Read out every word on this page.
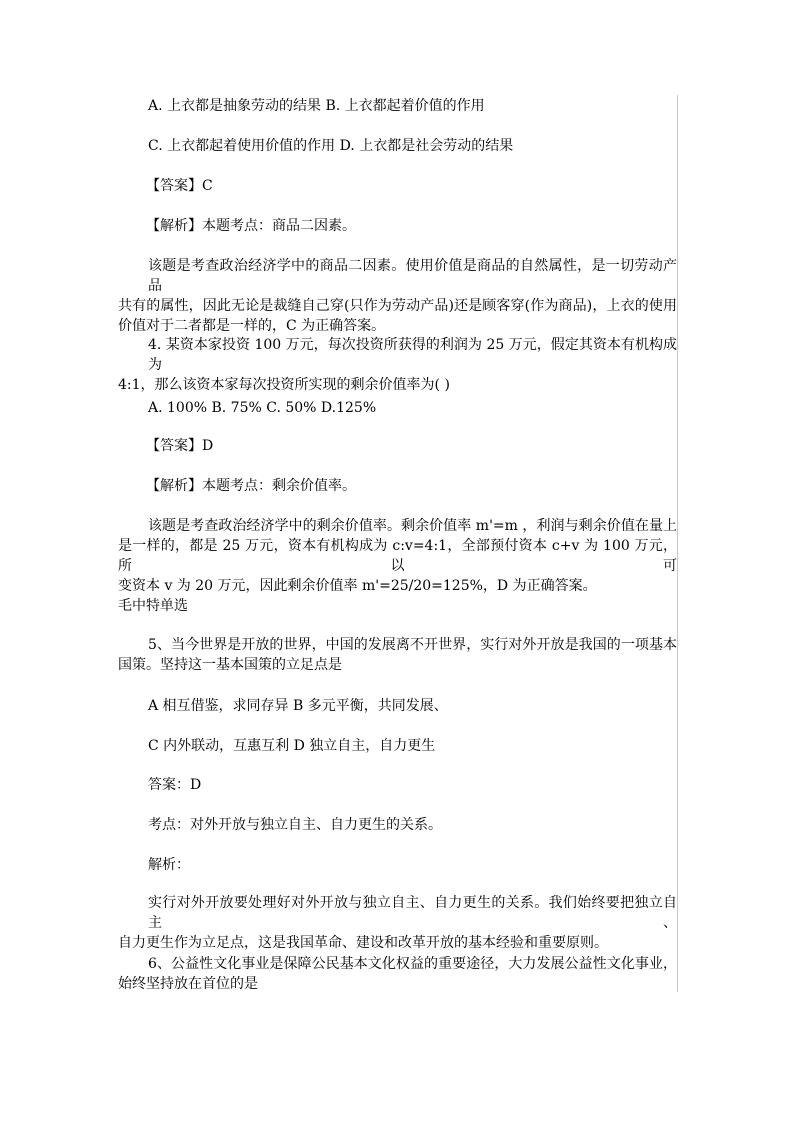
A. 上衣都是抽象劳动的结果 B. 上衣都起着价值的作用

C. 上衣都起着使用价值的作用 D. 上衣都是社会劳动的结果

【答案】C

【解析】本题考点：商品二因素。

该题是考查政治经济学中的商品二因素。使用价值是商品的自然属性，是一切劳动产品
共有的属性，因此无论是裁缝自己穿(只作为劳动产品)还是顾客穿(作为商品)，上衣的使用
价值对于二者都是一样的，C 为正确答案。
4. 某资本家投资 100 万元，每次投资所获得的利润为 25 万元，假定其资本有机构成为
4:1，那么该资本家每次投资所实现的剩余价值率为( )

A. 100% B. 75% C. 50% D.125%

【答案】D

【解析】本题考点：剩余价值率。

该题是考查政治经济学中的剩余价值率。剩余价值率 m'=m ，利润与剩余价值在量上
是一样的，都是 25 万元，资本有机构成为 c:v=4:1，全部预付资本 c+v 为 100 万元，所以可
变资本 v 为 20 万元，因此剩余价值率 m'=25/20=125%，D 为正确答案。

毛中特单选

5、当今世界是开放的世界，中国的发展离不开世界，实行对外开放是我国的一项基本
国策。坚持这一基本国策的立足点是

A 相互借鉴，求同存异 B 多元平衡，共同发展、

C 内外联动，互惠互利 D 独立自主，自力更生

答案：D

考点：对外开放与独立自主、自力更生的关系。

解析：

实行对外开放要处理好对外开放与独立自主、自力更生的关系。我们始终要把独立自主、
自力更生作为立足点，这是我国革命、建设和改革开放的基本经验和重要原则。
6、公益性文化事业是保障公民基本文化权益的重要途径，大力发展公益性文化事业，
始终坚持放在首位的是
